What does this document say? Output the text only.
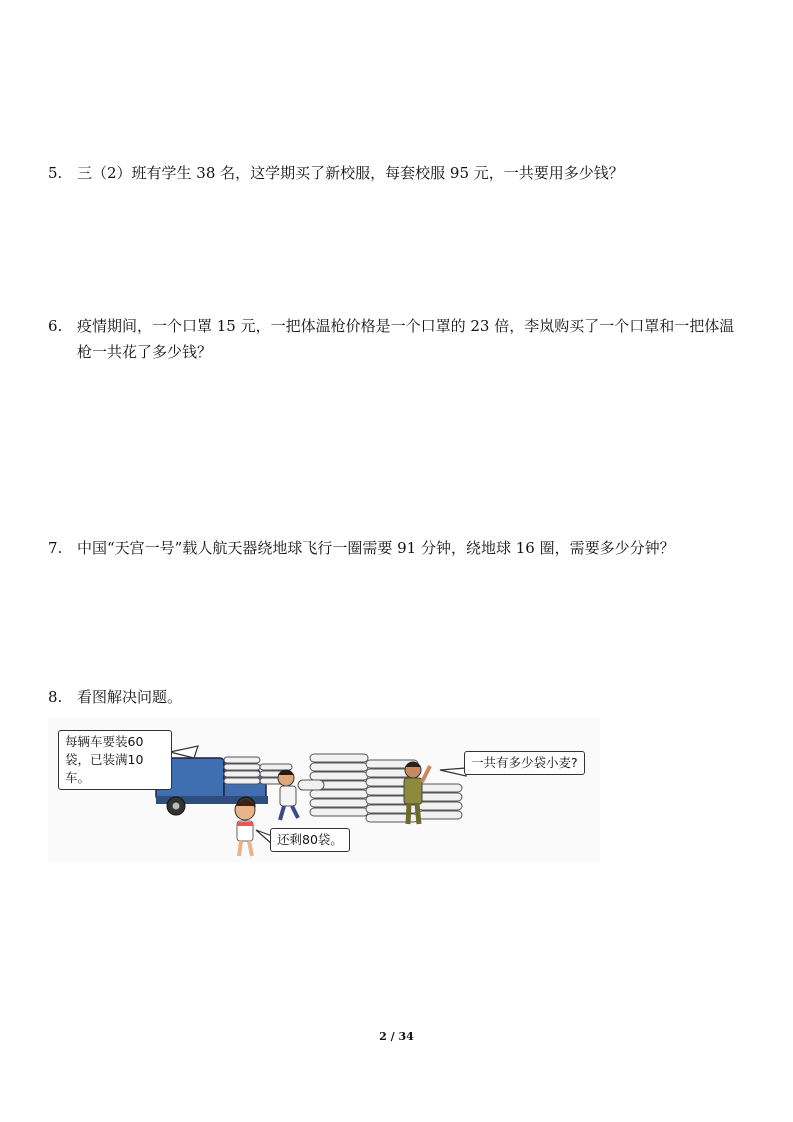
5. 三（2）班有学生 38 名，这学期买了新校服，每套校服 95 元，一共要用多少钱？
6. 疫情期间，一个口罩 15 元，一把体温枪价格是一个口罩的 23 倍，李岚购买了一个口罩和一把体温枪一共花了多少钱？
7. 中国“天宫一号”载人航天器绕地球飞行一圈需要 91 分钟，绕地球 16 圈，需要多少分钟？
8. 看图解决问题。
每辆车要装60袋，已装满10车。
一共有多少袋小麦?
还剩80袋。
2 / 34
